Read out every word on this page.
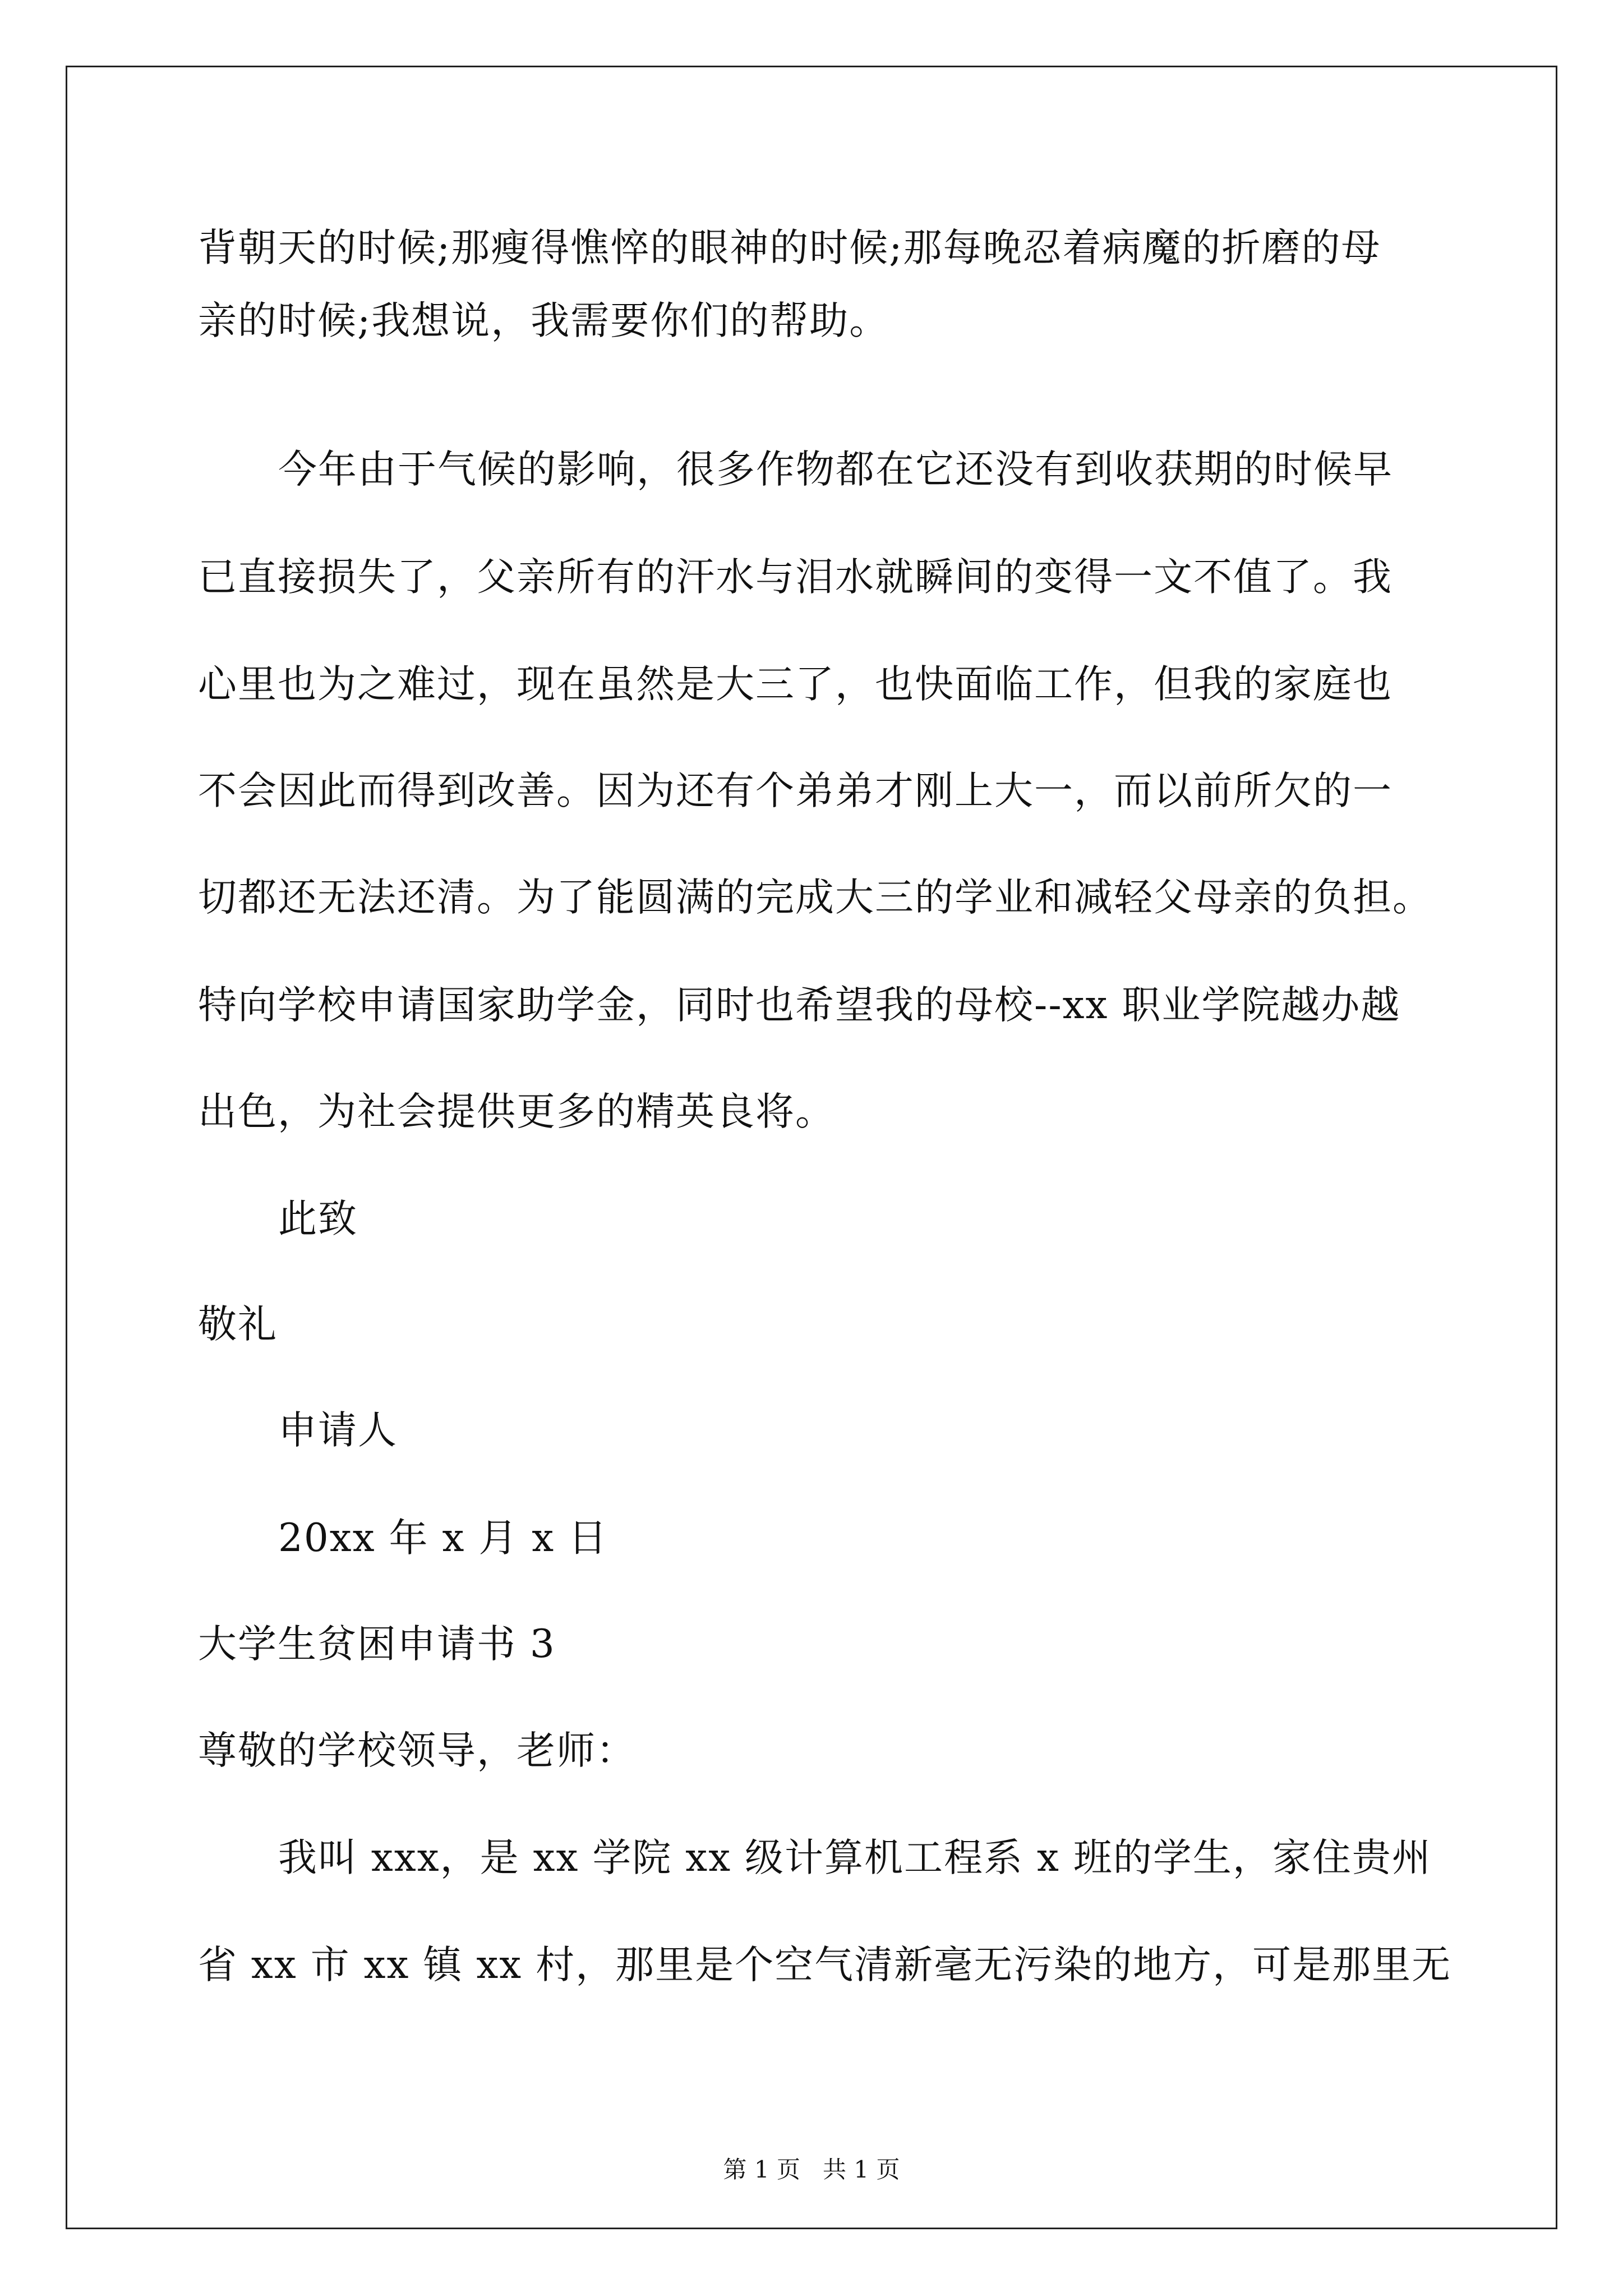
背朝天的时候;那瘦得憔悴的眼神的时候;那每晚忍着病魔的折磨的母
亲的时候;我想说，我需要你们的帮助。
今年由于气候的影响，很多作物都在它还没有到收获期的时候早
已直接损失了，父亲所有的汗水与泪水就瞬间的变得一文不值了。我
心里也为之难过，现在虽然是大三了，也快面临工作，但我的家庭也
不会因此而得到改善。因为还有个弟弟才刚上大一，而以前所欠的一
切都还无法还清。为了能圆满的完成大三的学业和减轻父母亲的负担。
特向学校申请国家助学金，同时也希望我的母校--xx 职业学院越办越
出色，为社会提供更多的精英良将。
此致
敬礼
申请人
20xx 年 x 月 x 日
大学生贫困申请书 3
尊敬的学校领导，老师：
我叫 xxx，是 xx 学院 xx 级计算机工程系 x 班的学生，家住贵州
省 xx 市 xx 镇 xx 村，那里是个空气清新毫无污染的地方，可是那里无
第 1 页   共 1 页
